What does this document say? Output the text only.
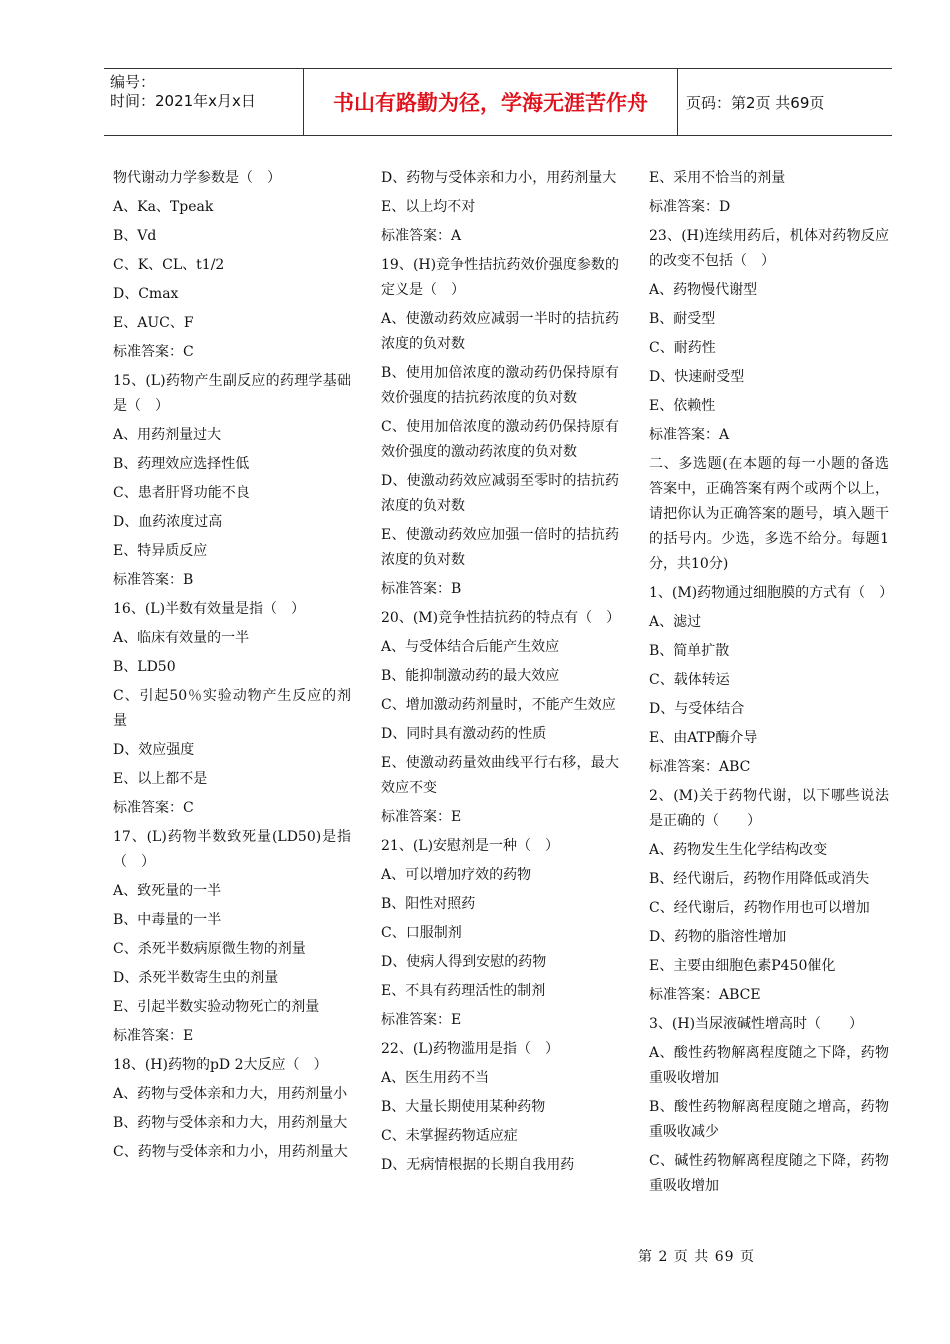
编号：
时间：2021年x月x日	书山有路勤为径，学海无涯苦作舟	页码：第2页 共69页
物代谢动力学参数是（　）
A、Ka、Tpeak
B、Vd
C、K、CL、t1/2
D、Cmax
E、AUC、F
标准答案：C
15、(L)药物产生副反应的药理学基础是（　）
A、用药剂量过大
B、药理效应选择性低
C、患者肝肾功能不良
D、血药浓度过高
E、特异质反应
标准答案：B
16、(L)半数有效量是指（　）
A、临床有效量的一半
B、LD50
C、引起50％实验动物产生反应的剂量
D、效应强度
E、以上都不是
标准答案：C
17、(L)药物半数致死量(LD50)是指（　）
A、致死量的一半
B、中毒量的一半
C、杀死半数病原微生物的剂量
D、杀死半数寄生虫的剂量
E、引起半数实验动物死亡的剂量
标准答案：E
18、(H)药物的pD 2大反应（　）
A、药物与受体亲和力大，用药剂量小
B、药物与受体亲和力大，用药剂量大
C、药物与受体亲和力小，用药剂量大
D、药物与受体亲和力小，用药剂量大
E、以上均不对
标准答案：A
19、(H)竞争性拮抗药效价强度参数的定义是（　）
A、使激动药效应减弱一半时的拮抗药浓度的负对数
B、使用加倍浓度的激动药仍保持原有效价强度的拮抗药浓度的负对数
C、使用加倍浓度的激动药仍保持原有效价强度的激动药浓度的负对数
D、使激动药效应减弱至零时的拮抗药浓度的负对数
E、使激动药效应加强一倍时的拮抗药浓度的负对数
标准答案：B
20、(M)竞争性拮抗药的特点有（　）
A、与受体结合后能产生效应
B、能抑制激动药的最大效应
C、增加激动药剂量时，不能产生效应
D、同时具有激动药的性质
E、使激动药量效曲线平行右移，最大效应不变
标准答案：E
21、(L)安慰剂是一种（　）
A、可以增加疗效的药物
B、阳性对照药
C、口服制剂
D、使病人得到安慰的药物
E、不具有药理活性的制剂
标准答案：E
22、(L)药物滥用是指（　）
A、医生用药不当
B、大量长期使用某种药物
C、未掌握药物适应症
D、无病情根据的长期自我用药
E、采用不恰当的剂量
标准答案：D
23、(H)连续用药后，机体对药物反应的改变不包括（　）
A、药物慢代谢型
B、耐受型
C、耐药性
D、快速耐受型
E、依赖性
标准答案：A
二、多选题(在本题的每一小题的备选答案中，正确答案有两个或两个以上，请把你认为正确答案的题号，填入题干的括号内。少选，多选不给分。每题1分，共10分)
1、(M)药物通过细胞膜的方式有（　）
A、滤过
B、简单扩散
C、载体转运
D、与受体结合
E、由ATP酶介导
标准答案：ABC
2、(M)关于药物代谢，以下哪些说法是正确的（　　）
A、药物发生生化学结构改变
B、经代谢后，药物作用降低或消失
C、经代谢后，药物作用也可以增加
D、药物的脂溶性增加
E、主要由细胞色素P450催化
标准答案：ABCE
3、(H)当尿液碱性增高时（　　）
A、酸性药物解离程度随之下降，药物重吸收增加
B、酸性药物解离程度随之增高，药物重吸收减少
C、碱性药物解离程度随之下降，药物重吸收增加
第 2 页 共 69 页
